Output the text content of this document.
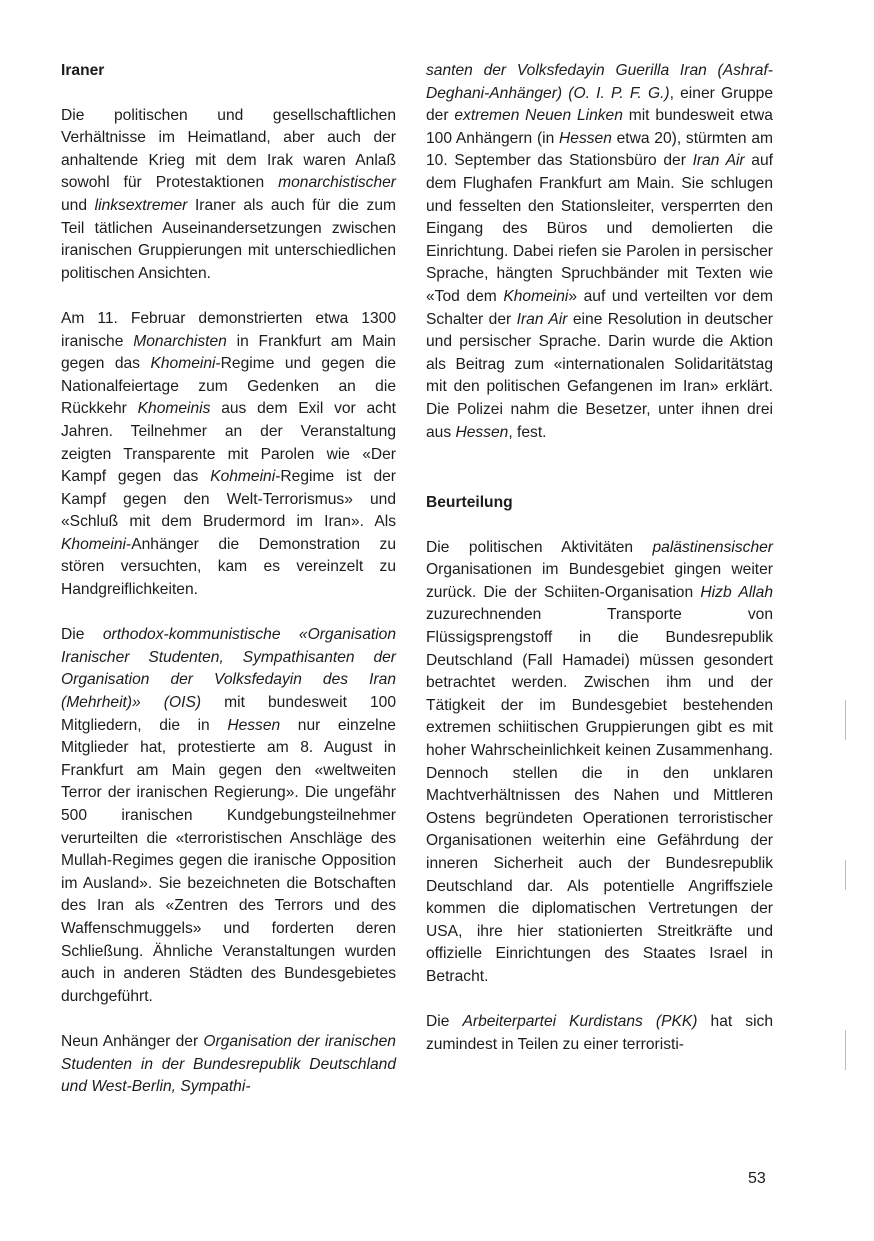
Iraner

Die politischen und gesellschaftlichen Verhältnisse im Heimatland, aber auch der anhaltende Krieg mit dem Irak waren Anlaß sowohl für Protestaktionen monarchistischer und linksextremer Iraner als auch für die zum Teil tätlichen Auseinandersetzungen zwischen iranischen Gruppierungen mit unterschiedlichen politischen Ansichten.

Am 11. Februar demonstrierten etwa 1300 iranische Monarchisten in Frankfurt am Main gegen das Khomeini-Regime und gegen die Nationalfeiertage zum Gedenken an die Rückkehr Khomeinis aus dem Exil vor acht Jahren. Teilnehmer an der Veranstaltung zeigten Transparente mit Parolen wie «Der Kampf gegen das Kohmeini-Regime ist der Kampf gegen den Welt-Terrorismus» und «Schluß mit dem Brudermord im Iran». Als Khomeini-Anhänger die Demonstration zu stören versuchten, kam es vereinzelt zu Handgreiflichkeiten.

Die orthodox-kommunistische «Organisation Iranischer Studenten, Sympathisanten der Organisation der Volksfedayin des Iran (Mehrheit)» (OIS) mit bundesweit 100 Mitgliedern, die in Hessen nur einzelne Mitglieder hat, protestierte am 8. August in Frankfurt am Main gegen den «weltweiten Terror der iranischen Regierung». Die ungefähr 500 iranischen Kundgebungsteilnehmer verurteilten die «terroristischen Anschläge des Mullah-Regimes gegen die iranische Opposition im Ausland». Sie bezeichneten die Botschaften des Iran als «Zentren des Terrors und des Waffenschmuggels» und forderten deren Schließung. Ähnliche Veranstaltungen wurden auch in anderen Städten des Bundesgebietes durchgeführt.

Neun Anhänger der Organisation der iranischen Studenten in der Bundesrepublik Deutschland und West-Berlin, Sympathi-

santen der Volksfedayin Guerilla Iran (Ashraf-Deghani-Anhänger) (O. I. P. F. G.), einer Gruppe der extremen Neuen Linken mit bundesweit etwa 100 Anhängern (in Hessen etwa 20), stürmten am 10. September das Stationsbüro der Iran Air auf dem Flughafen Frankfurt am Main. Sie schlugen und fesselten den Stationsleiter, versperrten den Eingang des Büros und demolierten die Einrichtung. Dabei riefen sie Parolen in persischer Sprache, hängten Spruchbänder mit Texten wie «Tod dem Khomeini» auf und verteilten vor dem Schalter der Iran Air eine Resolution in deutscher und persischer Sprache. Darin wurde die Aktion als Beitrag zum «internationalen Solidaritätstag mit den politischen Gefangenen im Iran» erklärt. Die Polizei nahm die Besetzer, unter ihnen drei aus Hessen, fest.

Beurteilung

Die politischen Aktivitäten palästinensischer Organisationen im Bundesgebiet gingen weiter zurück. Die der Schiiten-Organisation Hizb Allah zuzurechnenden Transporte von Flüssigsprengstoff in die Bundesrepublik Deutschland (Fall Hamadei) müssen gesondert betrachtet werden. Zwischen ihm und der Tätigkeit der im Bundesgebiet bestehenden extremen schiitischen Gruppierungen gibt es mit hoher Wahrscheinlichkeit keinen Zusammenhang. Dennoch stellen die in den unklaren Machtverhältnissen des Nahen und Mittleren Ostens begründeten Operationen terroristischer Organisationen weiterhin eine Gefährdung der inneren Sicherheit auch der Bundesrepublik Deutschland dar. Als potentielle Angriffsziele kommen die diplomatischen Vertretungen der USA, ihre hier stationierten Streitkräfte und offizielle Einrichtungen des Staates Israel in Betracht.

Die Arbeiterpartei Kurdistans (PKK) hat sich zumindest in Teilen zu einer terroristi-

53
